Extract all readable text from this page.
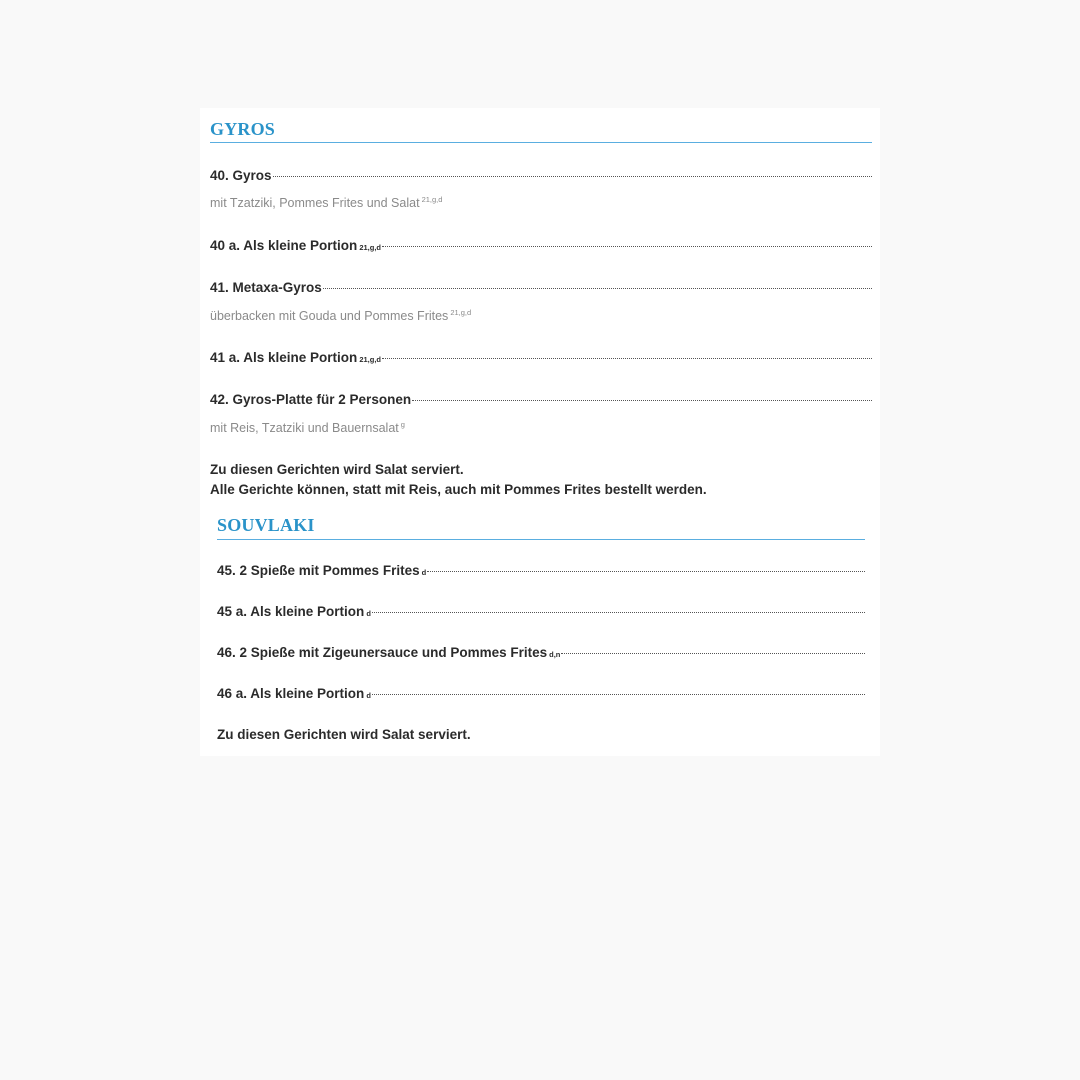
GYROS
40. Gyros
mit Tzatziki, Pommes Frites und Salat $^{21,g,d}$
40 a. Als kleine Portion 21,g,d
41. Metaxa-Gyros
überbacken mit Gouda und Pommes Frites $^{21,g,d}$
41 a. Als kleine Portion 21,g,d
42. Gyros-Platte für 2 Personen
mit Reis, Tzatziki und Bauernsalat $^g$
Zu diesen Gerichten wird Salat serviert.
Alle Gerichte können, statt mit Reis, auch mit Pommes Frites bestellt werden.
SOUVLAKI
45. 2 Spieße mit Pommes Frites d
45 a. Als kleine Portion d
46. 2 Spieße mit Zigeunersauce und Pommes Frites d,n
46 a. Als kleine Portion d
Zu diesen Gerichten wird Salat serviert.
